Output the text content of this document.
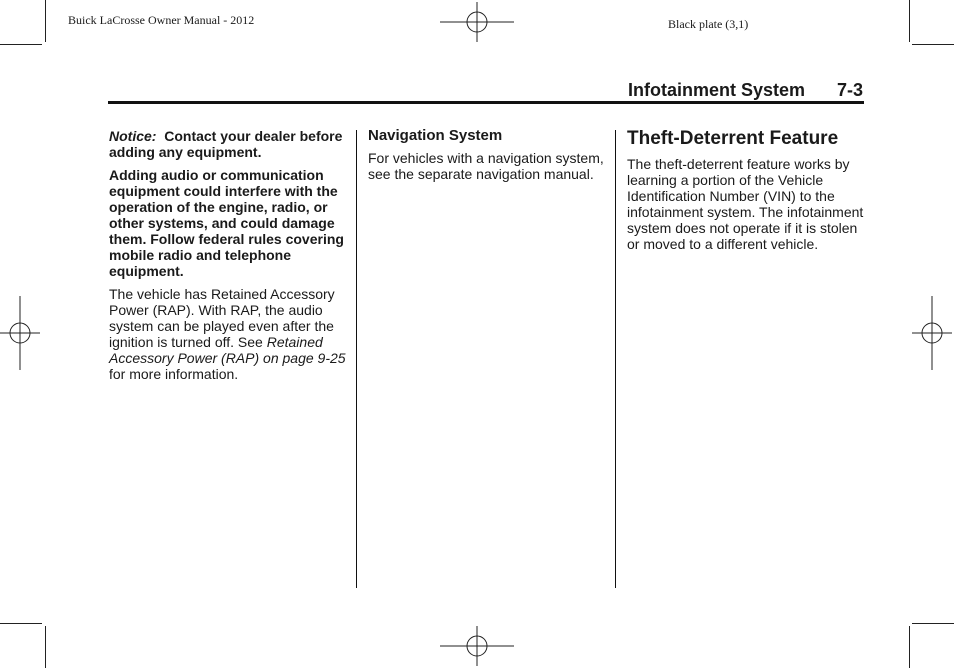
Buick LaCrosse Owner Manual - 2012	Black plate (3,1)
Infotainment System	7-3

Notice: Contact your dealer before adding any equipment.

Adding audio or communication equipment could interfere with the operation of the engine, radio, or other systems, and could damage them. Follow federal rules covering mobile radio and telephone equipment.

The vehicle has Retained Accessory Power (RAP). With RAP, the audio system can be played even after the ignition is turned off. See Retained Accessory Power (RAP) on page 9-25 for more information.

Navigation System

For vehicles with a navigation system, see the separate navigation manual.

Theft-Deterrent Feature

The theft-deterrent feature works by learning a portion of the Vehicle Identification Number (VIN) to the infotainment system. The infotainment system does not operate if it is stolen or moved to a different vehicle.
